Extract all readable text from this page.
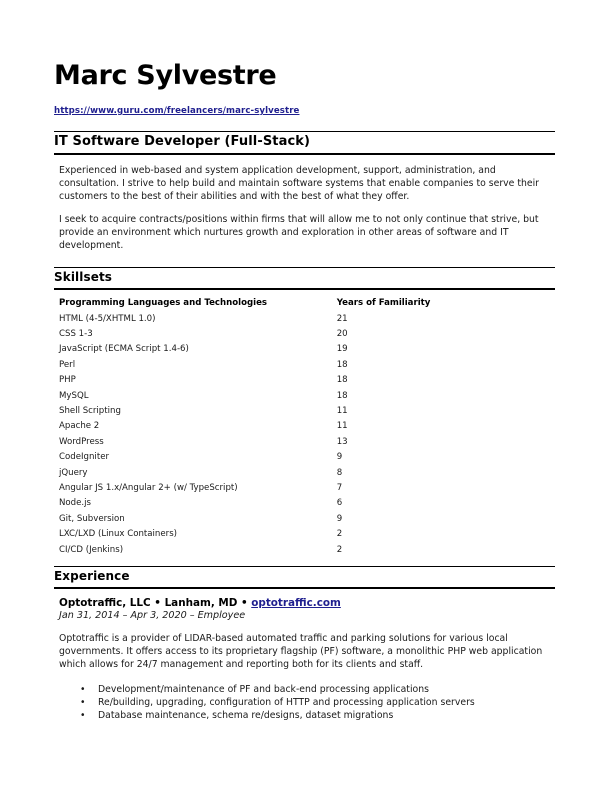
Marc Sylvestre
https://www.guru.com/freelancers/marc-sylvestre
IT Software Developer (Full-Stack)

Experienced in web-based and system application development, support, administration, and consultation. I strive to help build and maintain software systems that enable companies to serve their customers to the best of their abilities and with the best of what they offer.

I seek to acquire contracts/positions within firms that will allow me to not only continue that strive, but provide an environment which nurtures growth and exploration in other areas of software and IT development.

Skillsets
Programming Languages and Technologies	Years of Familiarity
HTML (4-5/XHTML 1.0)	21
CSS 1-3	20
JavaScript (ECMA Script 1.4-6)	19
Perl	18
PHP	18
MySQL	18
Shell Scripting	11
Apache 2	11
WordPress	13
CodeIgniter	9
jQuery	8
Angular JS 1.x/Angular 2+ (w/ TypeScript)	7
Node.js	6
Git, Subversion	9
LXC/LXD (Linux Containers)	2
CI/CD (Jenkins)	2
Experience

Optotraffic, LLC • Lanham, MD • optotraffic.com

Jan 31, 2014 – Apr 3, 2020 – Employee

Optotraffic is a provider of LIDAR-based automated traffic and parking solutions for various local governments. It offers access to its proprietary flagship (PF) software, a monolithic PHP web application which allows for 24/7 management and reporting both for its clients and staff.

• Development/maintenance of PF and back-end processing applications
• Re/building, upgrading, configuration of HTTP and processing application servers
• Database maintenance, schema re/designs, dataset migrations
